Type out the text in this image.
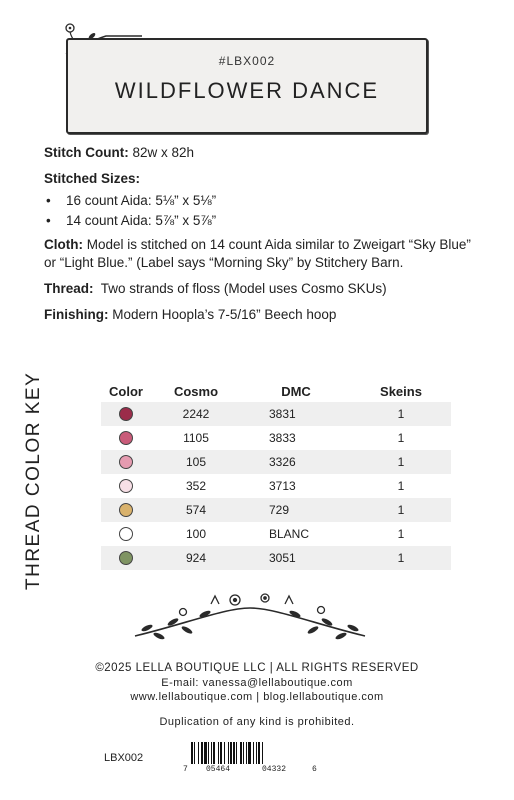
#LBX002
WILDFLOWER DANCE

Stitch Count: 82w x 82h

Stitched Sizes:

• 16 count Aida: 5⅛” x 5⅛”
• 14 count Aida: 5⅞” x 5⅞”

Cloth: Model is stitched on 14 count Aida similar to Zweigart “Sky Blue” or “Light Blue.” (Label says “Morning Sky” by Stitchery Barn.

Thread: Two strands of floss (Model uses Cosmo SKUs)

Finishing: Modern Hoopla’s 7-5/16” Beech hoop

THREAD COLOR KEY	Color	Cosmo	DMC	Skeins
	2242	3831	1
	1105	3833	1
	105	3326	1
	352	3713	1
	574	729	1
	100	BLANC	1
	924	3051	1
©2025 LELLA BOUTIQUE LLC | ALL RIGHTS RESERVED
E-mail: vanessa@lellaboutique.com
www.lellaboutique.com | blog.lellaboutique.com
Duplication of any kind is prohibited.
LBX002
7 05464	04332	6
